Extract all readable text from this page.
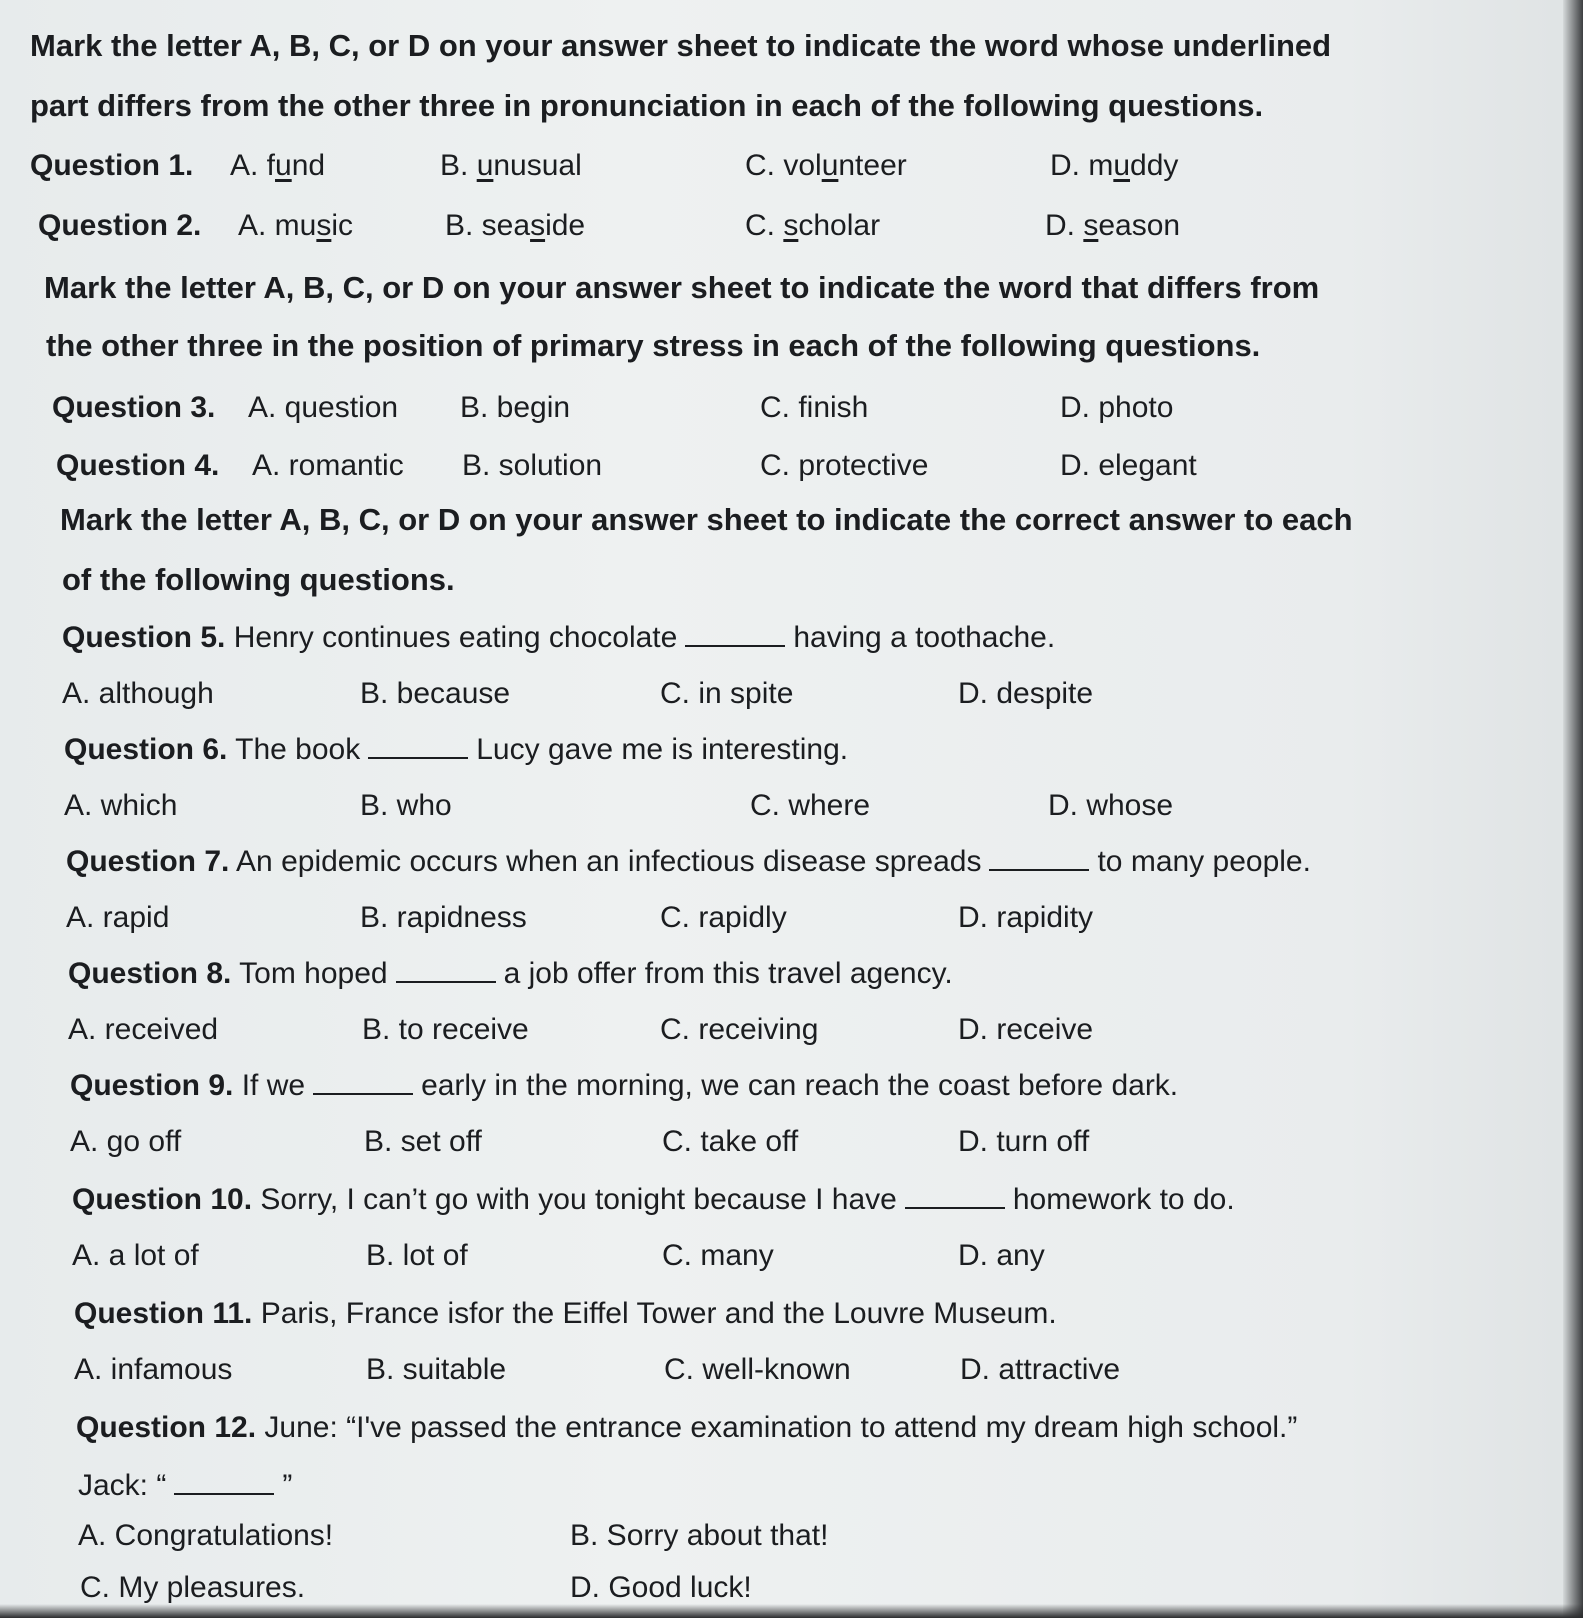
Mark the letter A, B, C, or D on your answer sheet to indicate the word whose underlined
part differs from the other three in pronunciation in each of the following questions.
Question 1. A. fund	B. unusual	C. volunteer	D. muddy
Question 2. A. music	B. seaside	C. scholar	D. season
Mark the letter A, B, C, or D on your answer sheet to indicate the word that differs from
the other three in the position of primary stress in each of the following questions.
Question 3. A. question B. begin	C. finish	D. photo
Question 4. A. romantic B. solution	C. protective	D. elegant
Mark the letter A, B, C, or D on your answer sheet to indicate the correct answer to each
of the following questions.
Question 5. Henry continues eating chocolate	having a toothache.
A. although	B. because	C. in spite	D. despite
Question 6. The book	Lucy gave me is interesting.
A. which	B. who	C. where	D. whose
Question 7. An epidemic occurs when an infectious disease spreads	to many people.
A. rapid	B. rapidness	C. rapidly	D. rapidity
Question 8. Tom hoped	a job offer from this travel agency.
A. received	B. to receive	C. receiving	D. receive
Question 9. If we	early in the morning, we can reach the coast before dark.
A. go off	B. set off	C. take off	D. turn off
Question 10. Sorry, I can’t go with you tonight because I have	homework to do.
A. a lot of	B. lot of	C. many	D. any
Question 11. Paris, France isfor the Eiffel Tower and the Louvre Museum.
A. infamous	B. suitable	C. well-known	D. attractive
Question 12. June: “I've passed the entrance examination to attend my dream high school.”
Jack: “	”
A. Congratulations!	B. Sorry about that!
C. My pleasures.	D. Good luck!
